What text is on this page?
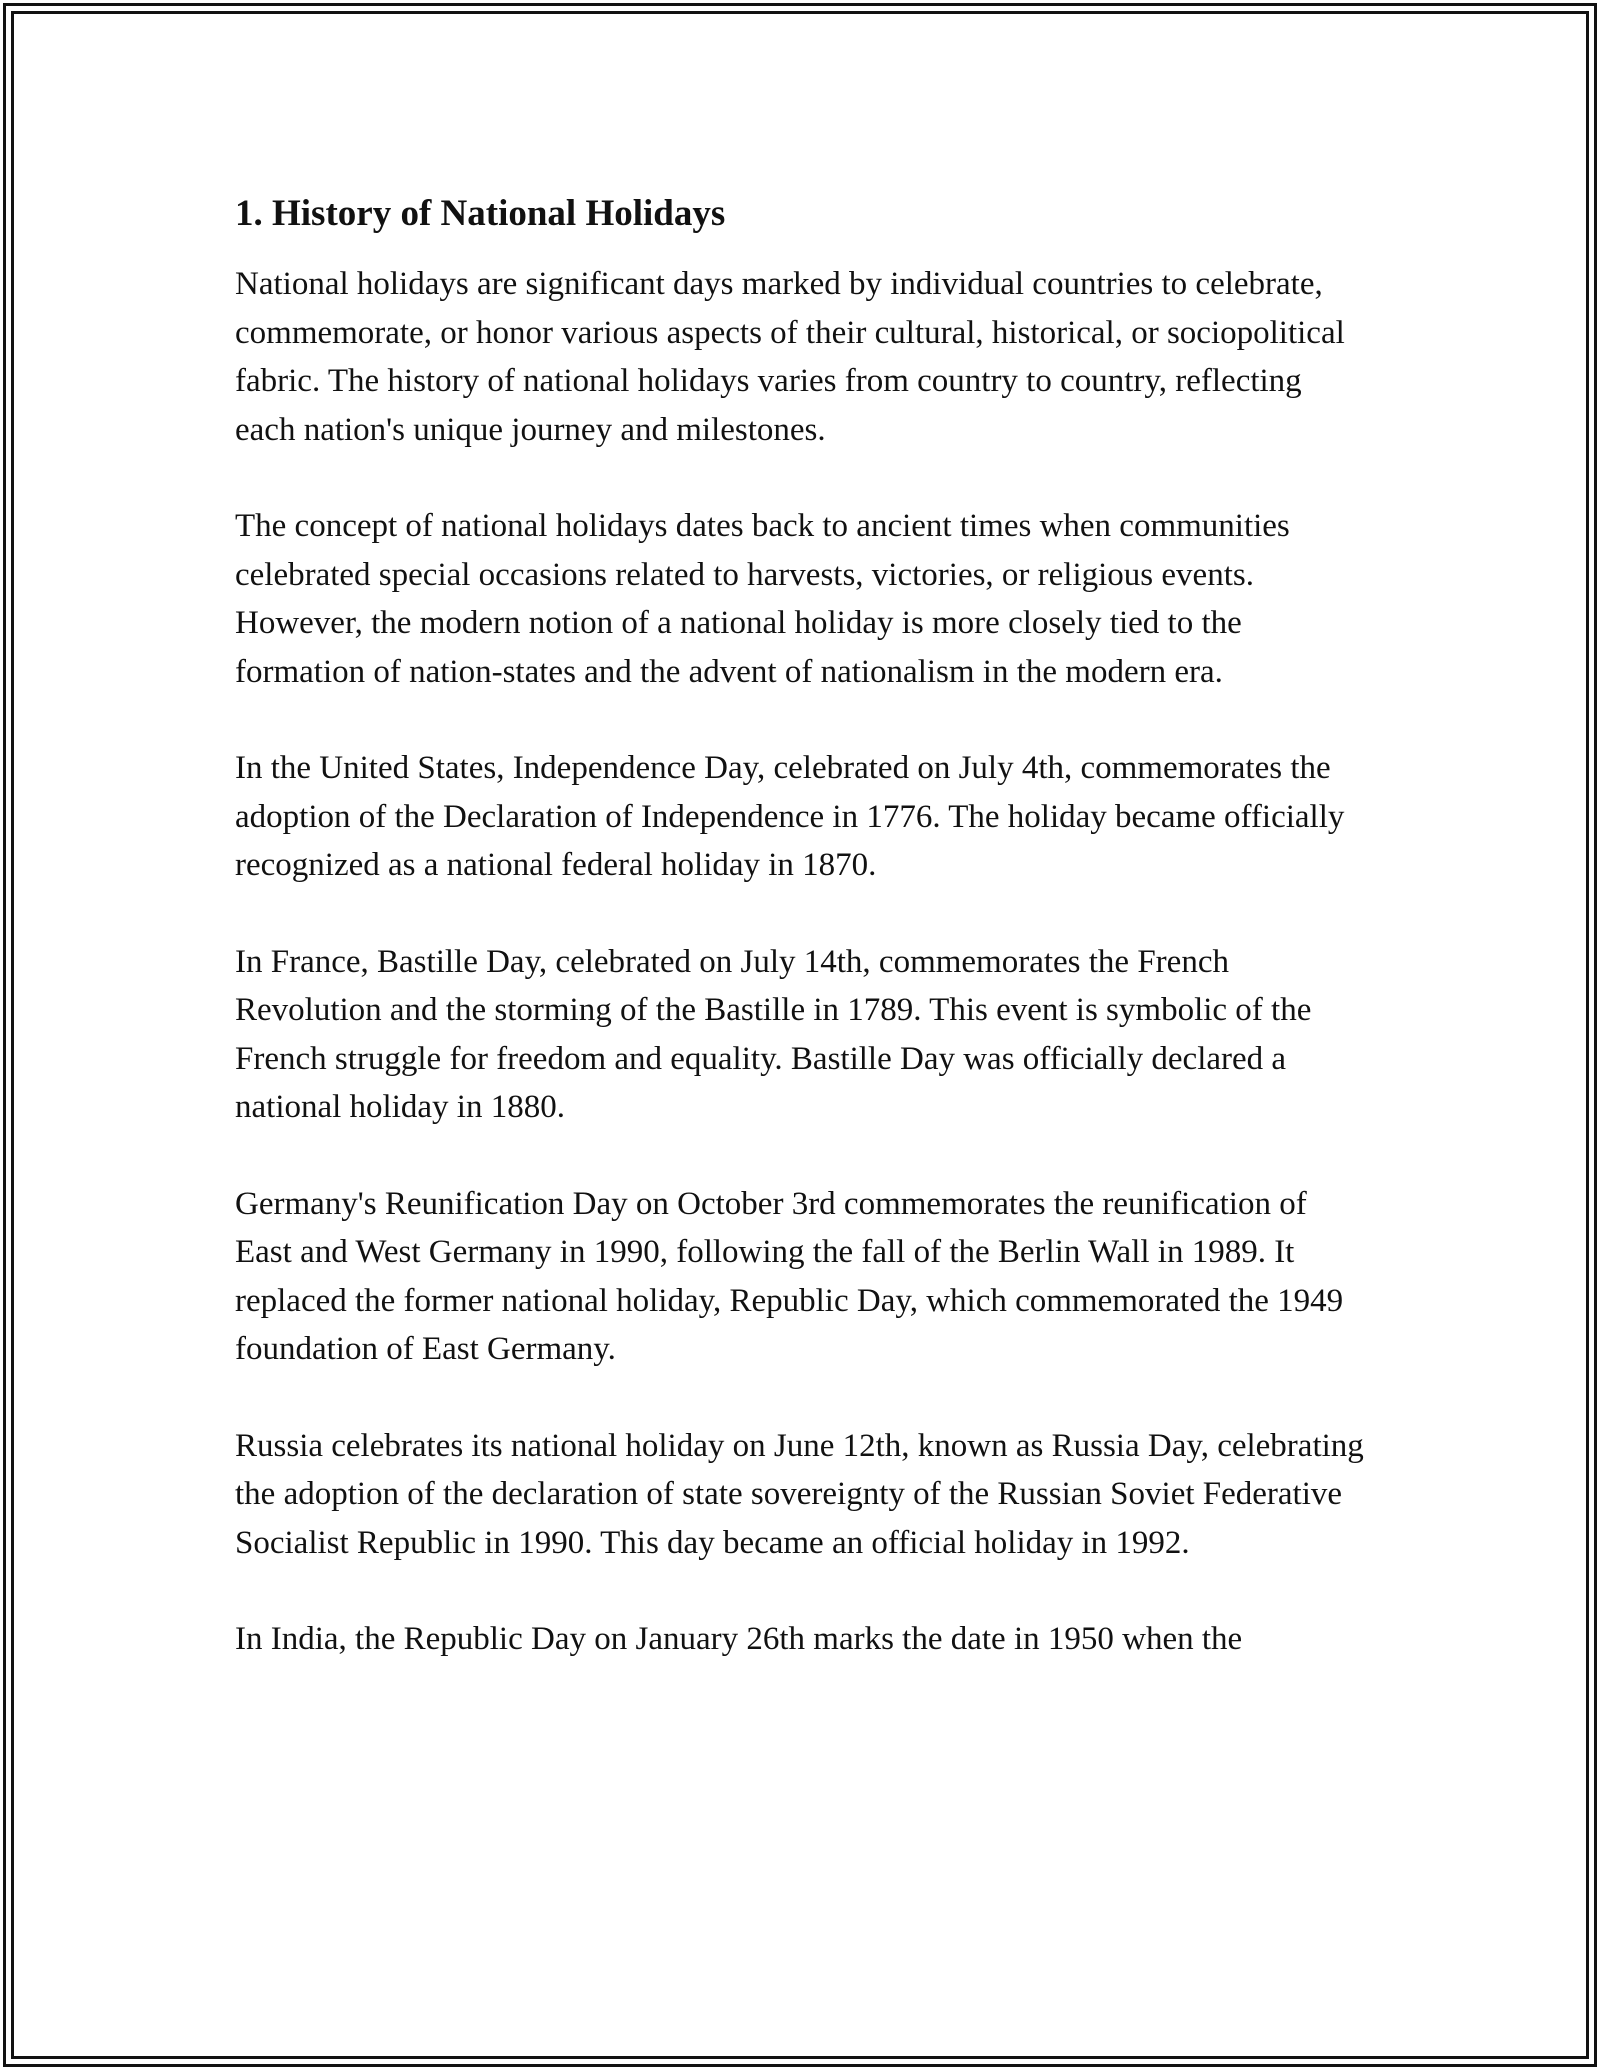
1. History of National Holidays

National holidays are significant days marked by individual countries to celebrate, commemorate, or honor various aspects of their cultural, historical, or sociopolitical fabric. The history of national holidays varies from country to country, reflecting each nation's unique journey and milestones.

The concept of national holidays dates back to ancient times when communities celebrated special occasions related to harvests, victories, or religious events. However, the modern notion of a national holiday is more closely tied to the formation of nation-states and the advent of nationalism in the modern era.

In the United States, Independence Day, celebrated on July 4th, commemorates the adoption of the Declaration of Independence in 1776. The holiday became officially recognized as a national federal holiday in 1870.

In France, Bastille Day, celebrated on July 14th, commemorates the French Revolution and the storming of the Bastille in 1789. This event is symbolic of the French struggle for freedom and equality. Bastille Day was officially declared a national holiday in 1880.

Germany's Reunification Day on October 3rd commemorates the reunification of East and West Germany in 1990, following the fall of the Berlin Wall in 1989. It replaced the former national holiday, Republic Day, which commemorated the 1949 foundation of East Germany.

Russia celebrates its national holiday on June 12th, known as Russia Day, celebrating the adoption of the declaration of state sovereignty of the Russian Soviet Federative Socialist Republic in 1990. This day became an official holiday in 1992.

In India, the Republic Day on January 26th marks the date in 1950 when the
